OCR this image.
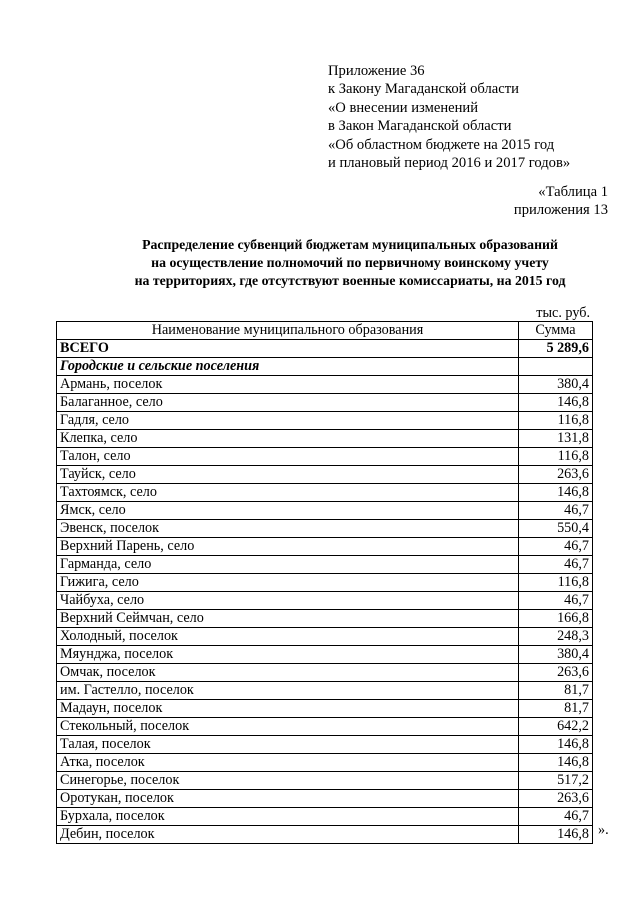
Приложение 36
к Закону Магаданской области
«О внесении изменений
в Закон Магаданской области
«Об областном бюджете на 2015 год
и плановый период 2016 и 2017 годов»
«Таблица 1
приложения 13
Распределение субвенций бюджетам муниципальных образований
на осуществление полномочий по первичному воинскому учету
на территориях, где отсутствуют военные комиссариаты, на 2015 год
тыс. руб.
Наименование муниципального образования	Сумма
ВСЕГО	5 289,6
Городские и сельские поселения	
Армань, поселок	380,4
Балаганное, село	146,8
Гадля, село	116,8
Клепка, село	131,8
Талон, село	116,8
Тауйск, село	263,6
Тахтоямск, село	146,8
Ямск, село	46,7
Эвенск, поселок	550,4
Верхний Парень, село	46,7
Гарманда, село	46,7
Гижига, село	116,8
Чайбуха, село	46,7
Верхний Сеймчан, село	166,8
Холодный, поселок	248,3
Мяунджа, поселок	380,4
Омчак, поселок	263,6
им. Гастелло, поселок	81,7
Мадаун, поселок	81,7
Стекольный, поселок	642,2
Талая, поселок	146,8
Атка, поселок	146,8
Синегорье, поселок	517,2
Оротукан, поселок	263,6
Бурхала, поселок	46,7
Дебин, поселок	146,8 ».
